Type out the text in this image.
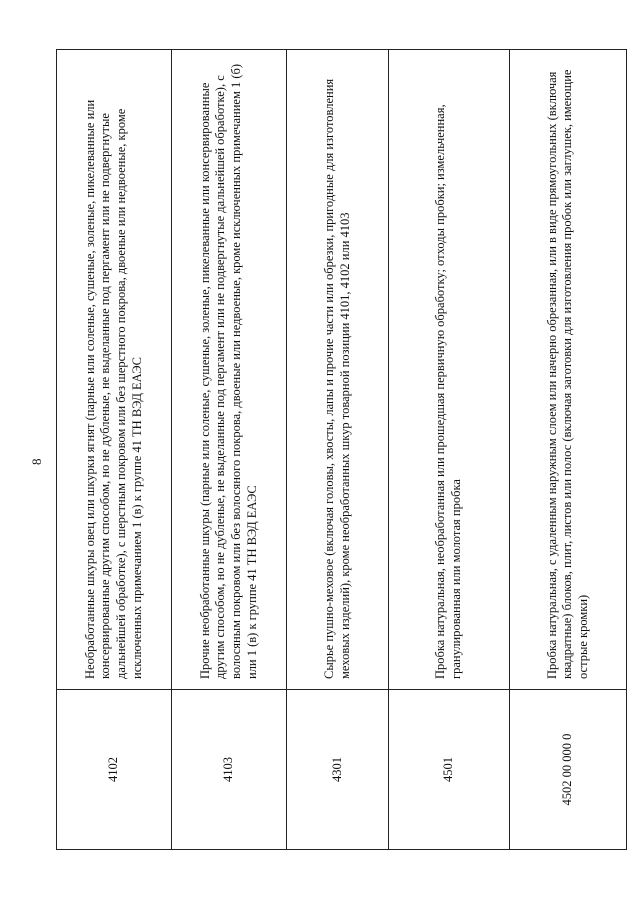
8
4102	Необработанные шкуры овец или шкурки ягнят (парные или соленые, сушеные, золеные, пикелеванные или консервированные другим способом, но не дубленые, не выделанные под пергамент или не подвергнутые дальнейшей обработке), с шерстным покровом или без шерстного покрова, двоеные или недвоеные, кроме исключенных примечанием 1 (в) к группе 41 ТН ВЭД ЕАЭС
4103	Прочие необработанные шкуры (парные или соленые, сушеные, золеные, пикелеванные или консервированные другим способом, но не дубленые, не выделанные под пергамент или не подвергнутые дальнейшей обработке), с волосяным покровом или без волосяного покрова, двоеные или недвоеные, кроме исключенных примечанием 1 (б) или 1 (в) к группе 41 ТН ВЭД ЕАЭС
4301	Сырье пушно-меховое (включая головы, хвосты, лапы и прочие части или обрезки, пригодные для изготовления меховых изделий), кроме необработанных шкур товарной позиции 4101, 4102 или 4103
4501	Пробка натуральная, необработанная или прошедшая первичную обработку; отходы пробки; измельченная, гранулированная или молотая пробка
4502 00 000 0	Пробка натуральная, с удаленным наружным слоем или начерно обрезанная, или в виде прямоугольных (включая квадратные) блоков, плит, листов или полос (включая заготовки для изготовления пробок или заглушек, имеющие острые кромки)
